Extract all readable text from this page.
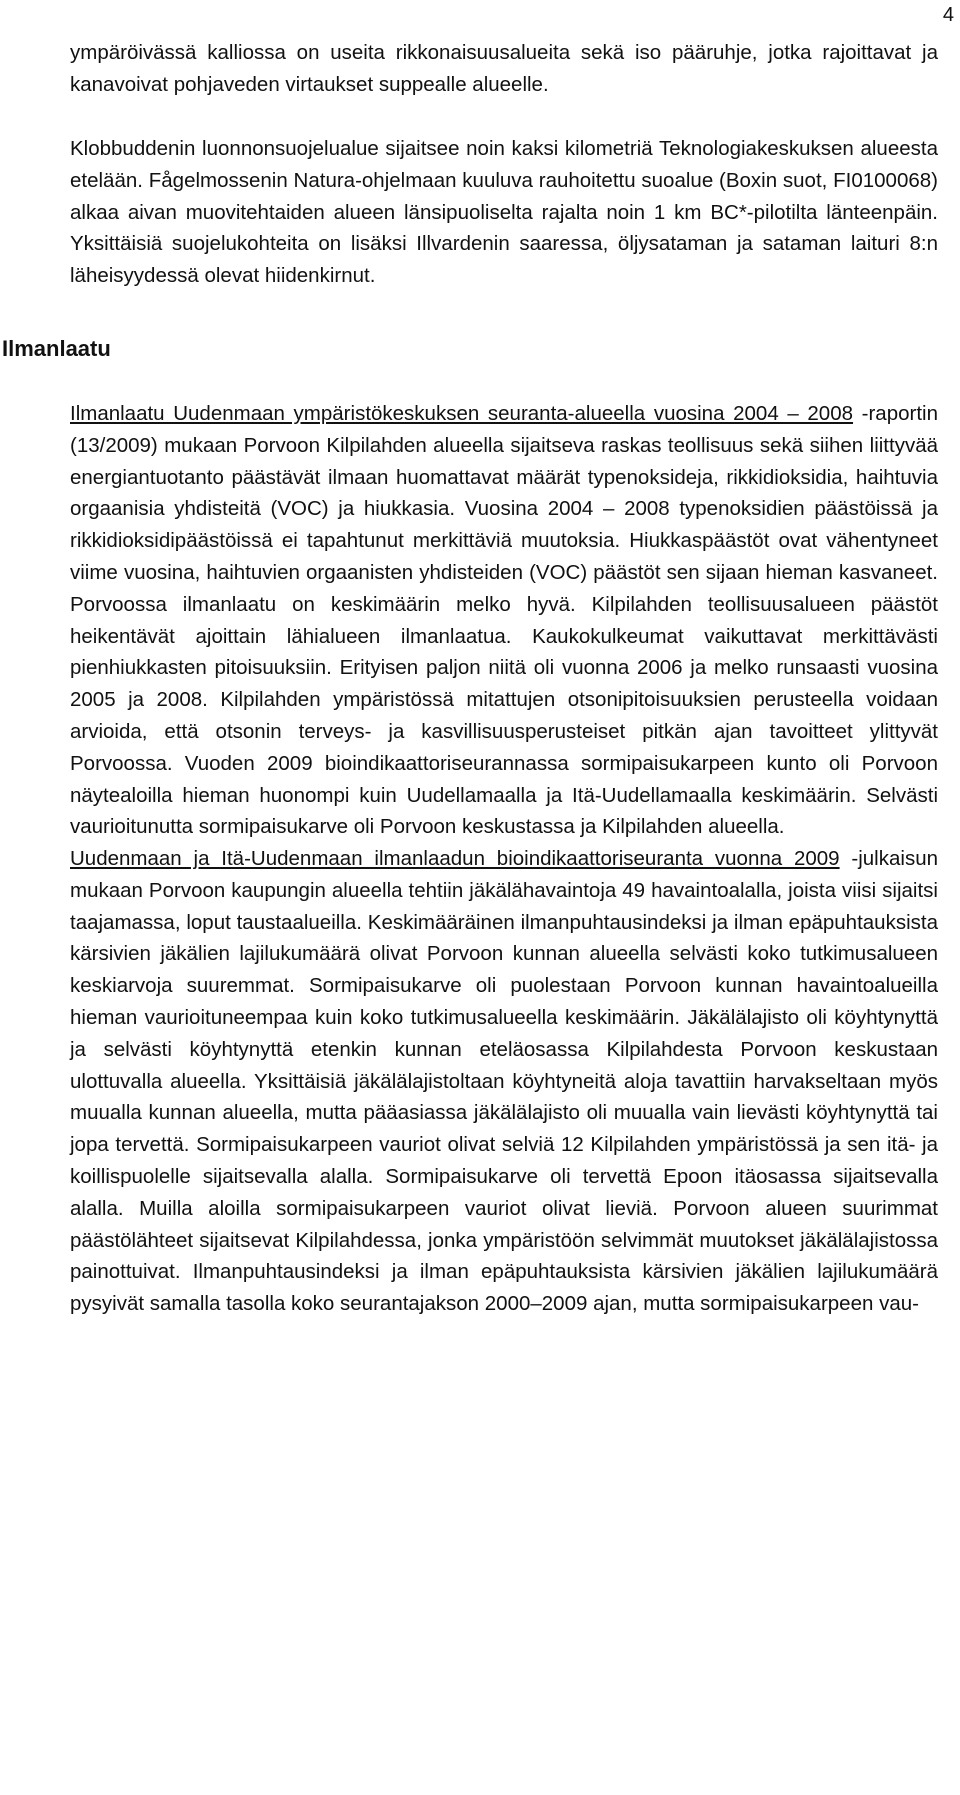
4
Ilmanlaatu

ympäröivässä kalliossa on useita rikkonaisuusalueita sekä iso pääruhje, jotka rajoittavat ja kanavoivat pohjaveden virtaukset suppealle alueelle.

Klobbuddenin luonnonsuojelualue sijaitsee noin kaksi kilometriä Teknologiakeskuksen alueesta etelään. Fågelmossenin Natura-ohjelmaan kuuluva rauhoitettu suoalue (Boxin suot, FI0100068) alkaa aivan muovitehtaiden alueen länsipuoliselta rajalta noin 1 km BC*-pilotilta länteenpäin. Yksittäisiä suojelukohteita on lisäksi Illvardenin saaressa, öljysataman ja sataman laituri 8:n läheisyydessä olevat hiidenkirnut.

Ilmanlaatu Uudenmaan ympäristökeskuksen seuranta-alueella vuosina 2004 – 2008 -raportin (13/2009) mukaan Porvoon Kilpilahden alueella sijaitseva raskas teollisuus sekä siihen liittyvää energiantuotanto päästävät ilmaan huomattavat määrät typenoksideja, rikkidioksidia, haihtuvia orgaanisia yhdisteitä (VOC) ja hiukkasia. Vuosina 2004 – 2008 typenoksidien päästöissä ja rikkidioksidipäästöissä ei tapahtunut merkittäviä muutoksia. Hiukkaspäästöt ovat vähentyneet viime vuosina, haihtuvien orgaanisten yhdisteiden (VOC) päästöt sen sijaan hieman kasvaneet. Porvoossa ilmanlaatu on keskimäärin melko hyvä. Kilpilahden teollisuusalueen päästöt heikentävät ajoittain lähialueen ilmanlaatua. Kaukokulkeumat vaikuttavat merkittävästi pienhiukkasten pitoisuuksiin. Erityisen paljon niitä oli vuonna 2006 ja melko runsaasti vuosina 2005 ja 2008. Kilpilahden ympäristössä mitattujen otsonipitoisuuksien perusteella voidaan arvioida, että otsonin terveys- ja kasvillisuusperusteiset pitkän ajan tavoitteet ylittyvät Porvoossa. Vuoden 2009 bioindikaattoriseurannassa sormipaisukarpeen kunto oli Porvoon näytealoilla hieman huonompi kuin Uudellamaalla ja Itä-Uudellamaalla keskimäärin. Selvästi vaurioitunutta sormipaisukarve oli Porvoon keskustassa ja Kilpilahden alueella.

Uudenmaan ja Itä-Uudenmaan ilmanlaadun bioindikaattoriseuranta vuonna 2009 -julkaisun mukaan Porvoon kaupungin alueella tehtiin jäkälähavaintoja 49 havaintoalalla, joista viisi sijaitsi taajamassa, loput taustaalueilla. Keskimääräinen ilmanpuhtausindeksi ja ilman epäpuhtauksista kärsivien jäkälien lajilukumäärä olivat Porvoon kunnan alueella selvästi koko tutkimusalueen keskiarvoja suuremmat. Sormipaisukarve oli puolestaan Porvoon kunnan havaintoalueilla hieman vaurioituneempaa kuin koko tutkimusalueella keskimäärin. Jäkälälajisto oli köyhtynyttä ja selvästi köyhtynyttä etenkin kunnan eteläosassa Kilpilahdesta Porvoon keskustaan ulottuvalla alueella. Yksittäisiä jäkälälajistoltaan köyhtyneitä aloja tavattiin harvakseltaan myös muualla kunnan alueella, mutta pääasiassa jäkälälajisto oli muualla vain lievästi köyhtynyttä tai jopa tervettä. Sormipaisukarpeen vauriot olivat selviä 12 Kilpilahden ympäristössä ja sen itä- ja koillispuolelle sijaitsevalla alalla. Sormipaisukarve oli tervettä Epoon itäosassa sijaitsevalla alalla. Muilla aloilla sormipaisukarpeen vauriot olivat lieviä. Porvoon alueen suurimmat päästölähteet sijaitsevat Kilpilahdessa, jonka ympäristöön selvimmät muutokset jäkälälajistossa painottuivat. Ilmanpuhtausindeksi ja ilman epäpuhtauksista kärsivien jäkälien lajilukumäärä pysyivät samalla tasolla koko seurantajakson 2000–2009 ajan, mutta sormipaisukarpeen vau-
